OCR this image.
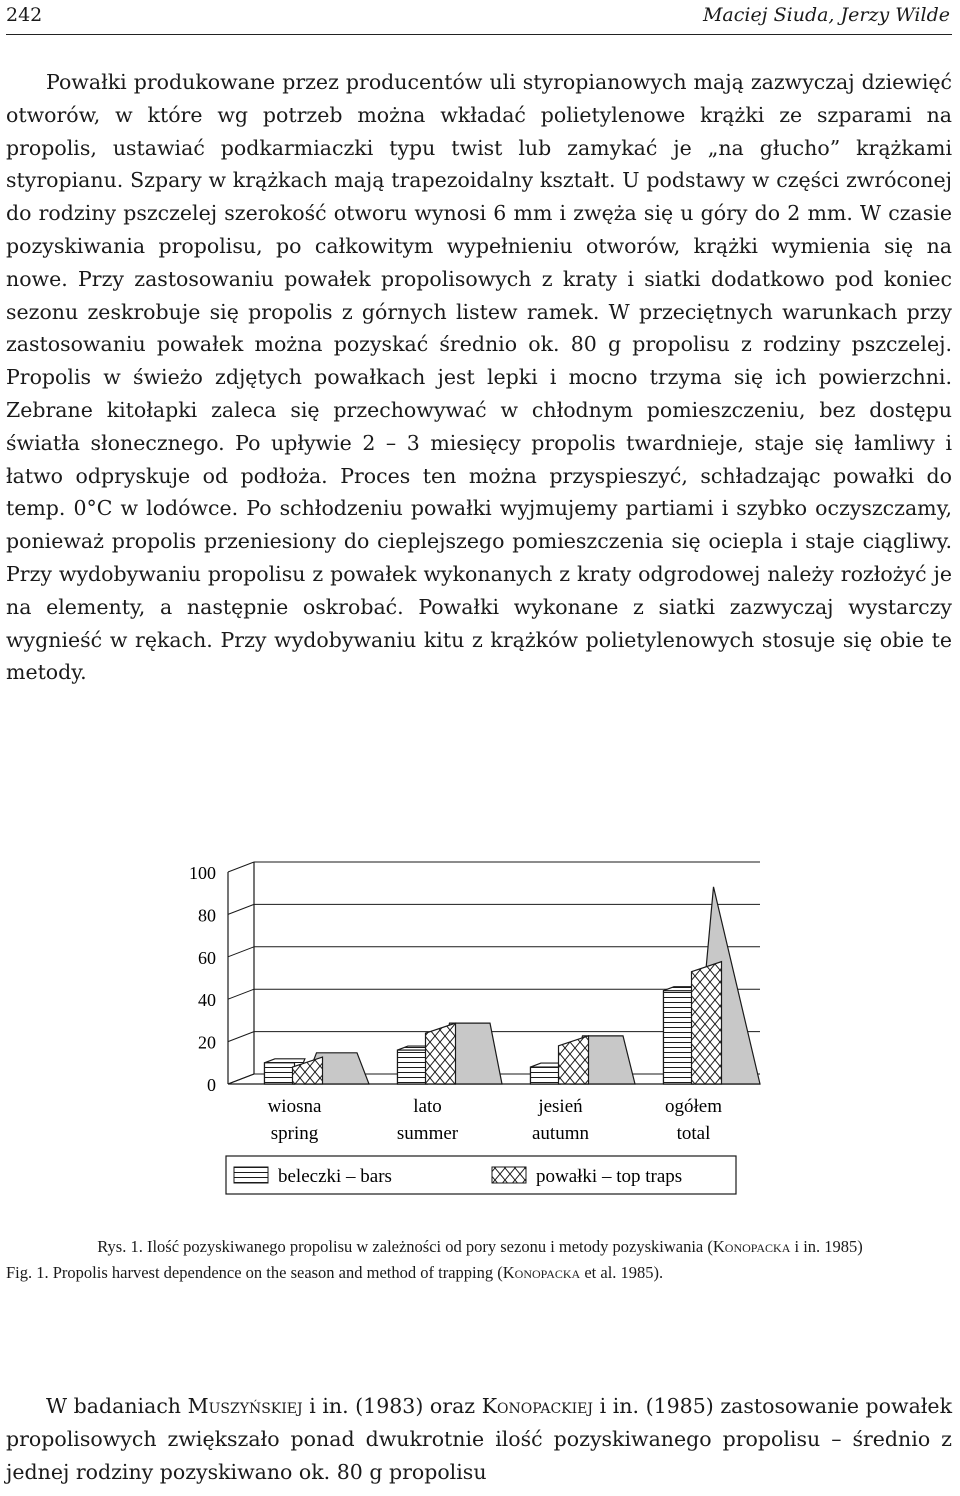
242	Maciej Siuda, Jerzy Wilde

Powałki produkowane przez producentów uli styropianowych mają zazwyczaj dziewięć otworów, w które wg potrzeb można wkładać polietylenowe krążki ze szparami na propolis, ustawiać podkarmiaczki typu twist lub zamykać je „na głucho” krążkami styropianu. Szpary w krążkach mają trapezoidalny kształt. U podstawy w części zwróconej do rodziny pszczelej szerokość otworu wynosi 6 mm i zwęża się u góry do 2 mm. W czasie pozyskiwania propolisu, po całkowitym wypełnieniu otworów, krążki wymienia się na nowe. Przy zastosowaniu powałek propolisowych z kraty i siatki dodatkowo pod koniec sezonu zeskrobuje się propolis z górnych listew ramek. W przeciętnych warunkach przy zastosowaniu powałek można pozyskać średnio ok. 80 g propolisu z rodziny pszczelej. Propolis w świeżo zdjętych powałkach jest lepki i mocno trzyma się ich powierzchni. Zebrane kitołapki zaleca się przechowywać w chłodnym pomieszczeniu, bez dostępu światła słonecznego. Po upływie 2 – 3 miesięcy propolis twardnieje, staje się łamliwy i łatwo odpryskuje od podłoża. Proces ten można przyspieszyć, schładzając powałki do temp. 0°C w lodówce. Po schłodzeniu powałki wyjmujemy partiami i szybko oczyszczamy, ponieważ propolis przeniesiony do cieplejszego pomieszczenia się ociepla i staje ciągliwy. Przy wydobywaniu propolisu z powałek wykonanych z kraty odgrodowej należy rozłożyć je na elementy, a następnie oskrobać. Powałki wykonane z siatki zazwyczaj wystarczy wygnieść w rękach. Przy wydobywaniu kitu z krążków polietylenowych stosuje się obie te metody.

0
20
40
60
80
100
wiosna
spring
lato
summer
jesień
autumn
ogółem
total
beleczki – bars	powałki – top traps
Rys. 1. Ilość pozyskiwanego propolisu w zależności od pory sezonu i metody pozyskiwania (Konopacka i in. 1985)
Fig. 1. Propolis harvest dependence on the season and method of trapping (Konopacka et al. 1985).

W badaniach Muszyńskiej i in. (1983) oraz Konopackiej i in. (1985) zastosowanie powałek propolisowych zwiększało ponad dwukrotnie ilość pozyskiwanego propolisu – średnio z jednej rodziny pozyskiwano ok. 80 g propolisu
